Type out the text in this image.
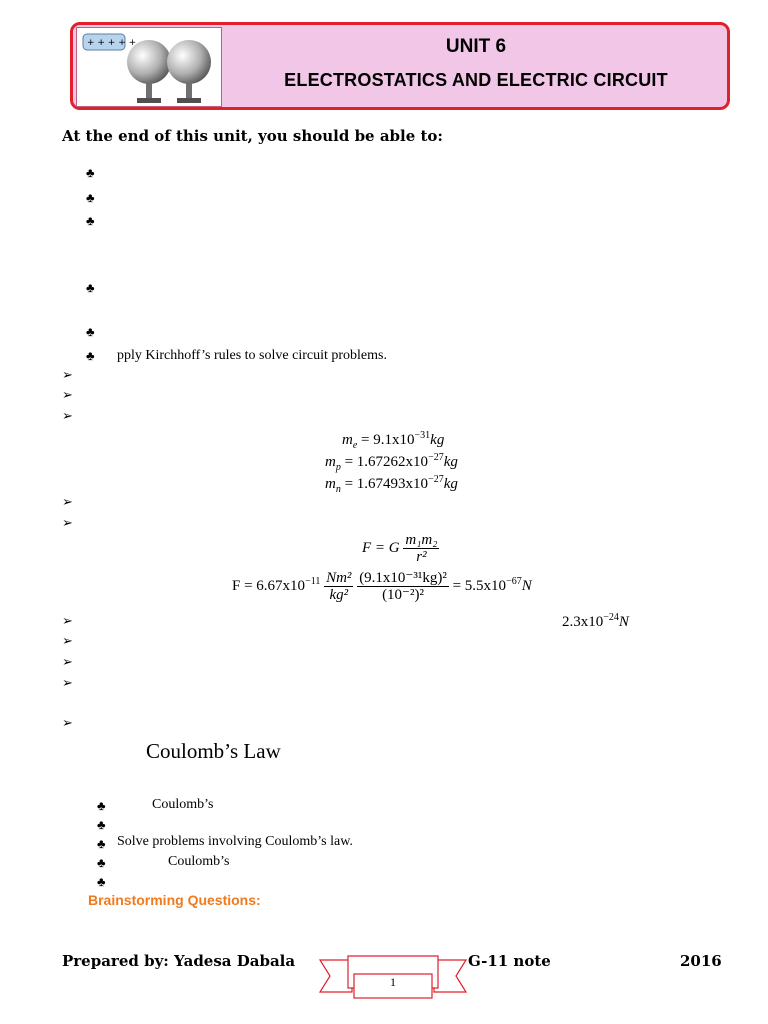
+ + + + +	UNIT 6
ELECTROSTATICS AND ELECTRIC CIRCUIT
At the end of this unit, you should be able to:
♣
♣
♣
♣
♣
♣ pply Kirchhoff’s rules to solve circuit problems.
➢
➢
➢
$m_e = 9.1x10^{-31}kg$
$m_p = 1.67262x10^{-27}kg$
$m_n = 1.67493x10^{-27}kg$
➢
➢
F = G $\frac{\text{m₁m₂}}{\text{r²}}$
$F = 6.67x10^{-11} \frac{\text{Nm²}}{\text{kg²}}$
$\frac{\text{(9.1x10⁻³¹kg)²}}{\text{(10⁻²)²}} = 5.5x10^{-67}N$
➢	$2.3x10^{-24}N$
➢
➢
➢
➢
Coulomb’s Law
♣	Coulomb’s
♣
♣ Solve problems involving Coulomb’s law.
♣	Coulomb’s
♣
Brainstorming Questions:
Prepared by: Yadesa Dabala	G-11 note	2016
1
